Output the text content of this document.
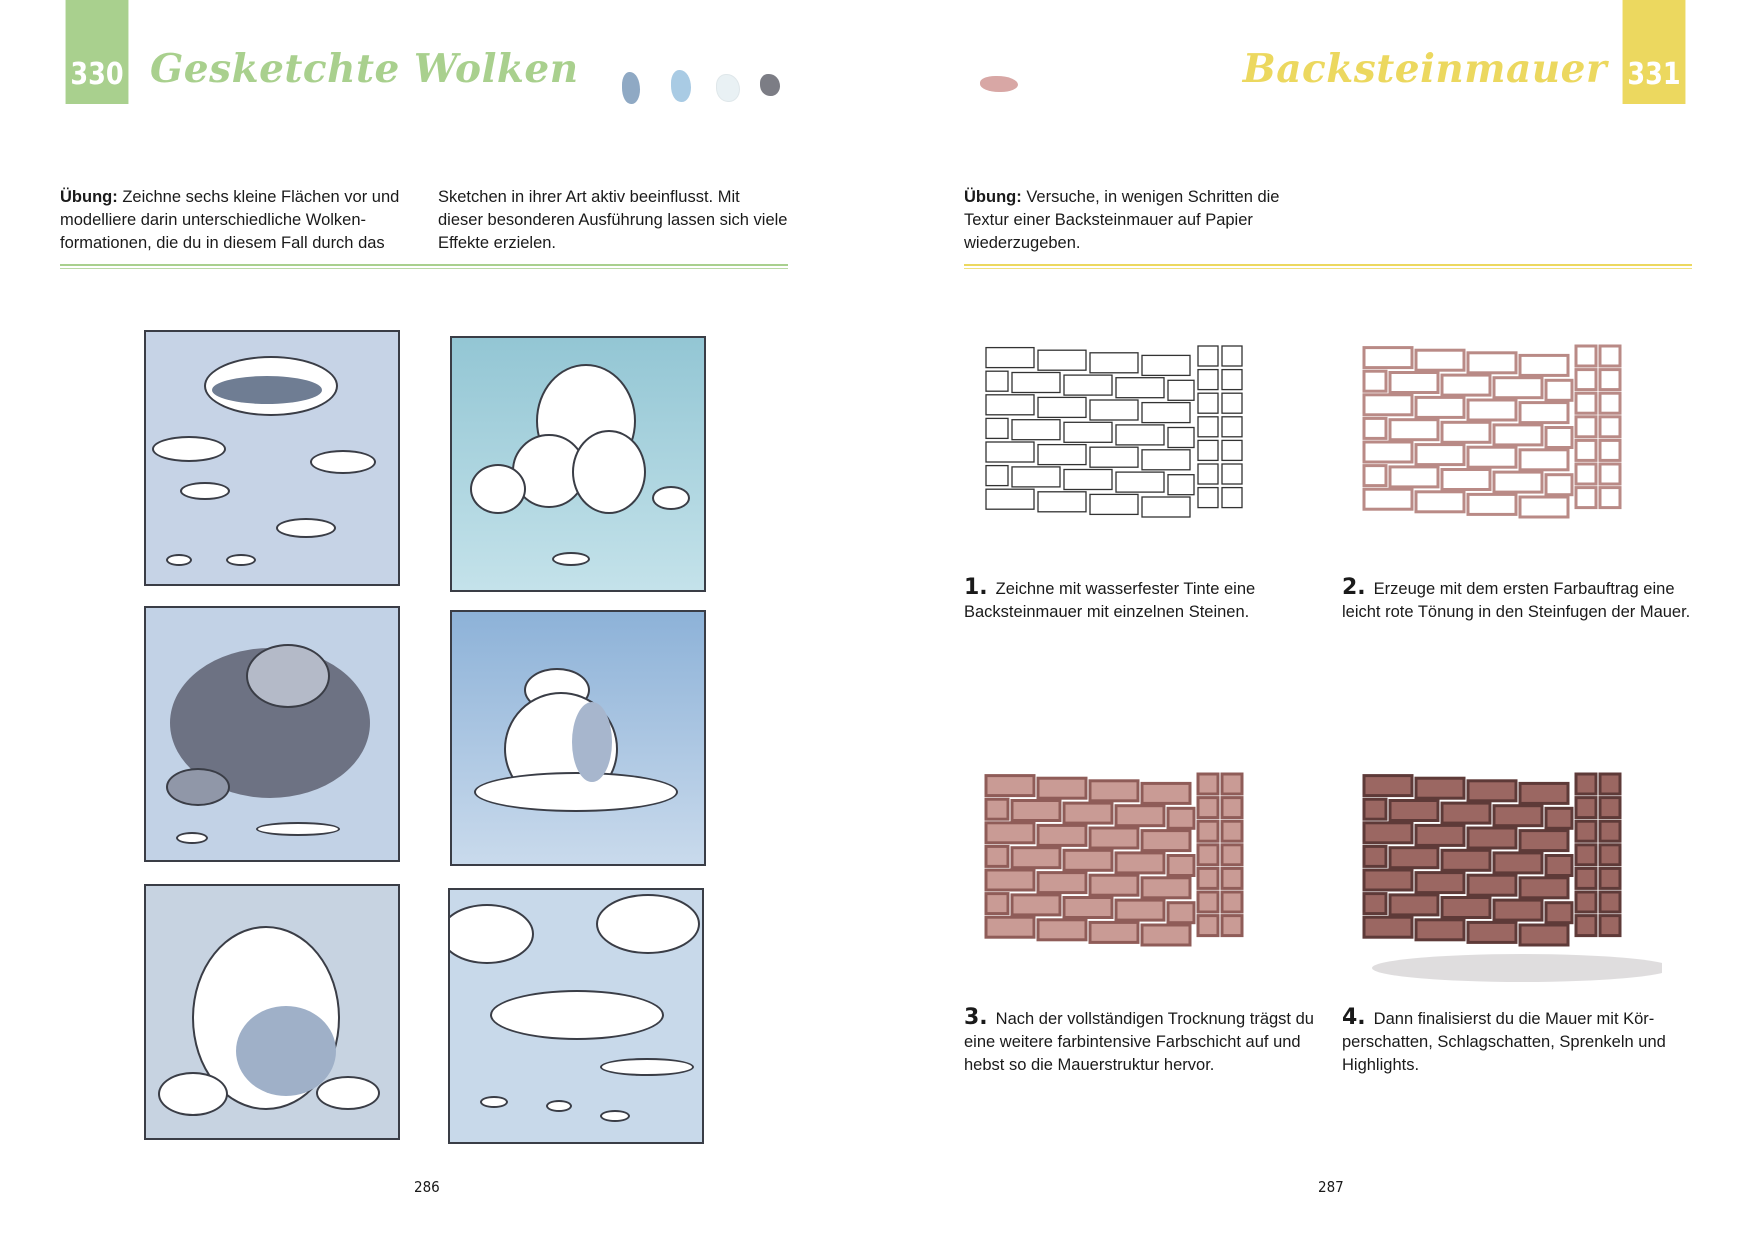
330 Gesketchte Wolken
Übung: Zeichne sechs kleine Flächen vor und modelliere darin unterschiedliche Wolkenformationen, die du in diesem Fall durch das
Sketchen in ihrer Art aktiv beeinflusst. Mit dieser besonderen Ausführung lassen sich viele Effekte erzielen.
286
331
Backsteinmauer
Übung: Versuche, in wenigen Schritten die Textur einer Backsteinmauer auf Papier wiederzugeben.
1. Zeichne mit wasserfester Tinte eine Backsteinmauer mit einzelnen Steinen.
2. Erzeuge mit dem ersten Farbauftrag eine leicht rote Tönung in den Steinfugen der Mauer.
3. Nach der vollständigen Trocknung trägst du eine weitere farbintensive Farbschicht auf und hebst so die Mauerstruktur hervor.
4. Dann finalisierst du die Mauer mit Körperschatten, Schlagschatten, Sprenkeln und Highlights.
287
